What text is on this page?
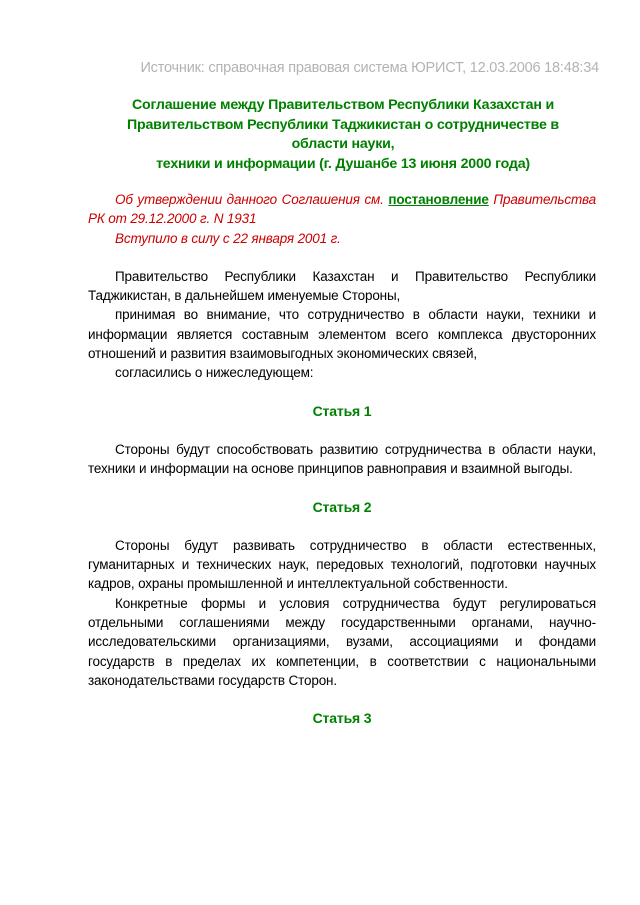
Источник: справочная правовая система ЮРИСТ, 12.03.2006 18:48:34
Соглашение между Правительством Республики Казахстан и
Правительством Республики Таджикистан о сотрудничестве в
области науки,
техники и информации (г. Душанбе 13 июня 2000 года)
Об утверждении данного Соглашения см. постановление Правительства РК от 29.12.2000 г. N 1931
Вступило в силу с 22 января 2001 г.
Правительство Республики Казахстан и Правительство Республики Таджикистан, в дальнейшем именуемые Стороны,
принимая во внимание, что сотрудничество в области науки, техники и информации является составным элементом всего комплекса двусторонних отношений и развития взаимовыгодных экономических связей,
согласились о нижеследующем:
Статья 1
Стороны будут способствовать развитию сотрудничества в области науки, техники и информации на основе принципов равноправия и взаимной выгоды.
Статья 2
Стороны будут развивать сотрудничество в области естественных, гуманитарных и технических наук, передовых технологий, подготовки научных кадров, охраны промышленной и интеллектуальной собственности.
Конкретные формы и условия сотрудничества будут регулироваться отдельными соглашениями между государственными органами, научно-исследовательскими организациями, вузами, ассоциациями и фондами государств в пределах их компетенции, в соответствии с национальными законодательствами государств Сторон.
Статья 3
